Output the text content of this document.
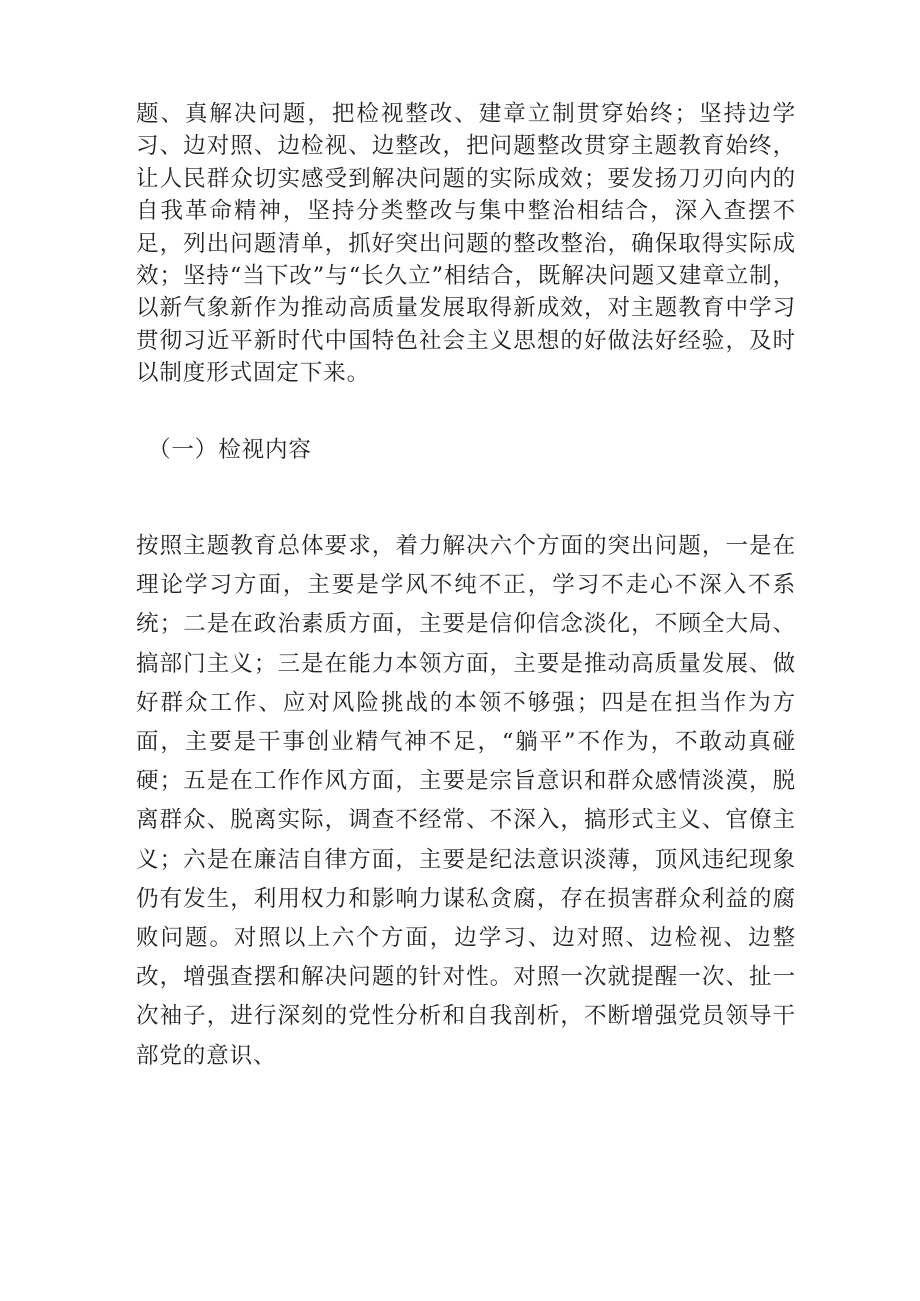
题、真解决问题，把检视整改、建章立制贯穿始终；坚持边学习、边对照、边检视、边整改，把问题整改贯穿主题教育始终，让人民群众切实感受到解决问题的实际成效；要发扬刀刃向内的自我革命精神，坚持分类整改与集中整治相结合，深入查摆不足，列出问题清单，抓好突出问题的整改整治，确保取得实际成效；坚持“当下改”与“长久立”相结合，既解决问题又建章立制，以新气象新作为推动高质量发展取得新成效，对主题教育中学习贯彻习近平新时代中国特色社会主义思想的好做法好经验，及时以制度形式固定下来。

（一）检视内容

按照主题教育总体要求，着力解决六个方面的突出问题，一是在理论学习方面，主要是学风不纯不正，学习不走心不深入不系统；二是在政治素质方面，主要是信仰信念淡化，不顾全大局、搞部门主义；三是在能力本领方面，主要是推动高质量发展、做好群众工作、应对风险挑战的本领不够强；四是在担当作为方面，主要是干事创业精气神不足，“躺平”不作为，不敢动真碰硬；五是在工作作风方面，主要是宗旨意识和群众感情淡漠，脱离群众、脱离实际，调查不经常、不深入，搞形式主义、官僚主义；六是在廉洁自律方面，主要是纪法意识淡薄，顶风违纪现象仍有发生，利用权力和影响力谋私贪腐，存在损害群众利益的腐败问题。对照以上六个方面，边学习、边对照、边检视、边整改，增强查摆和解决问题的针对性。对照一次就提醒一次、扯一次袖子，进行深刻的党性分析和自我剖析，不断增强党员领导干部党的意识、
